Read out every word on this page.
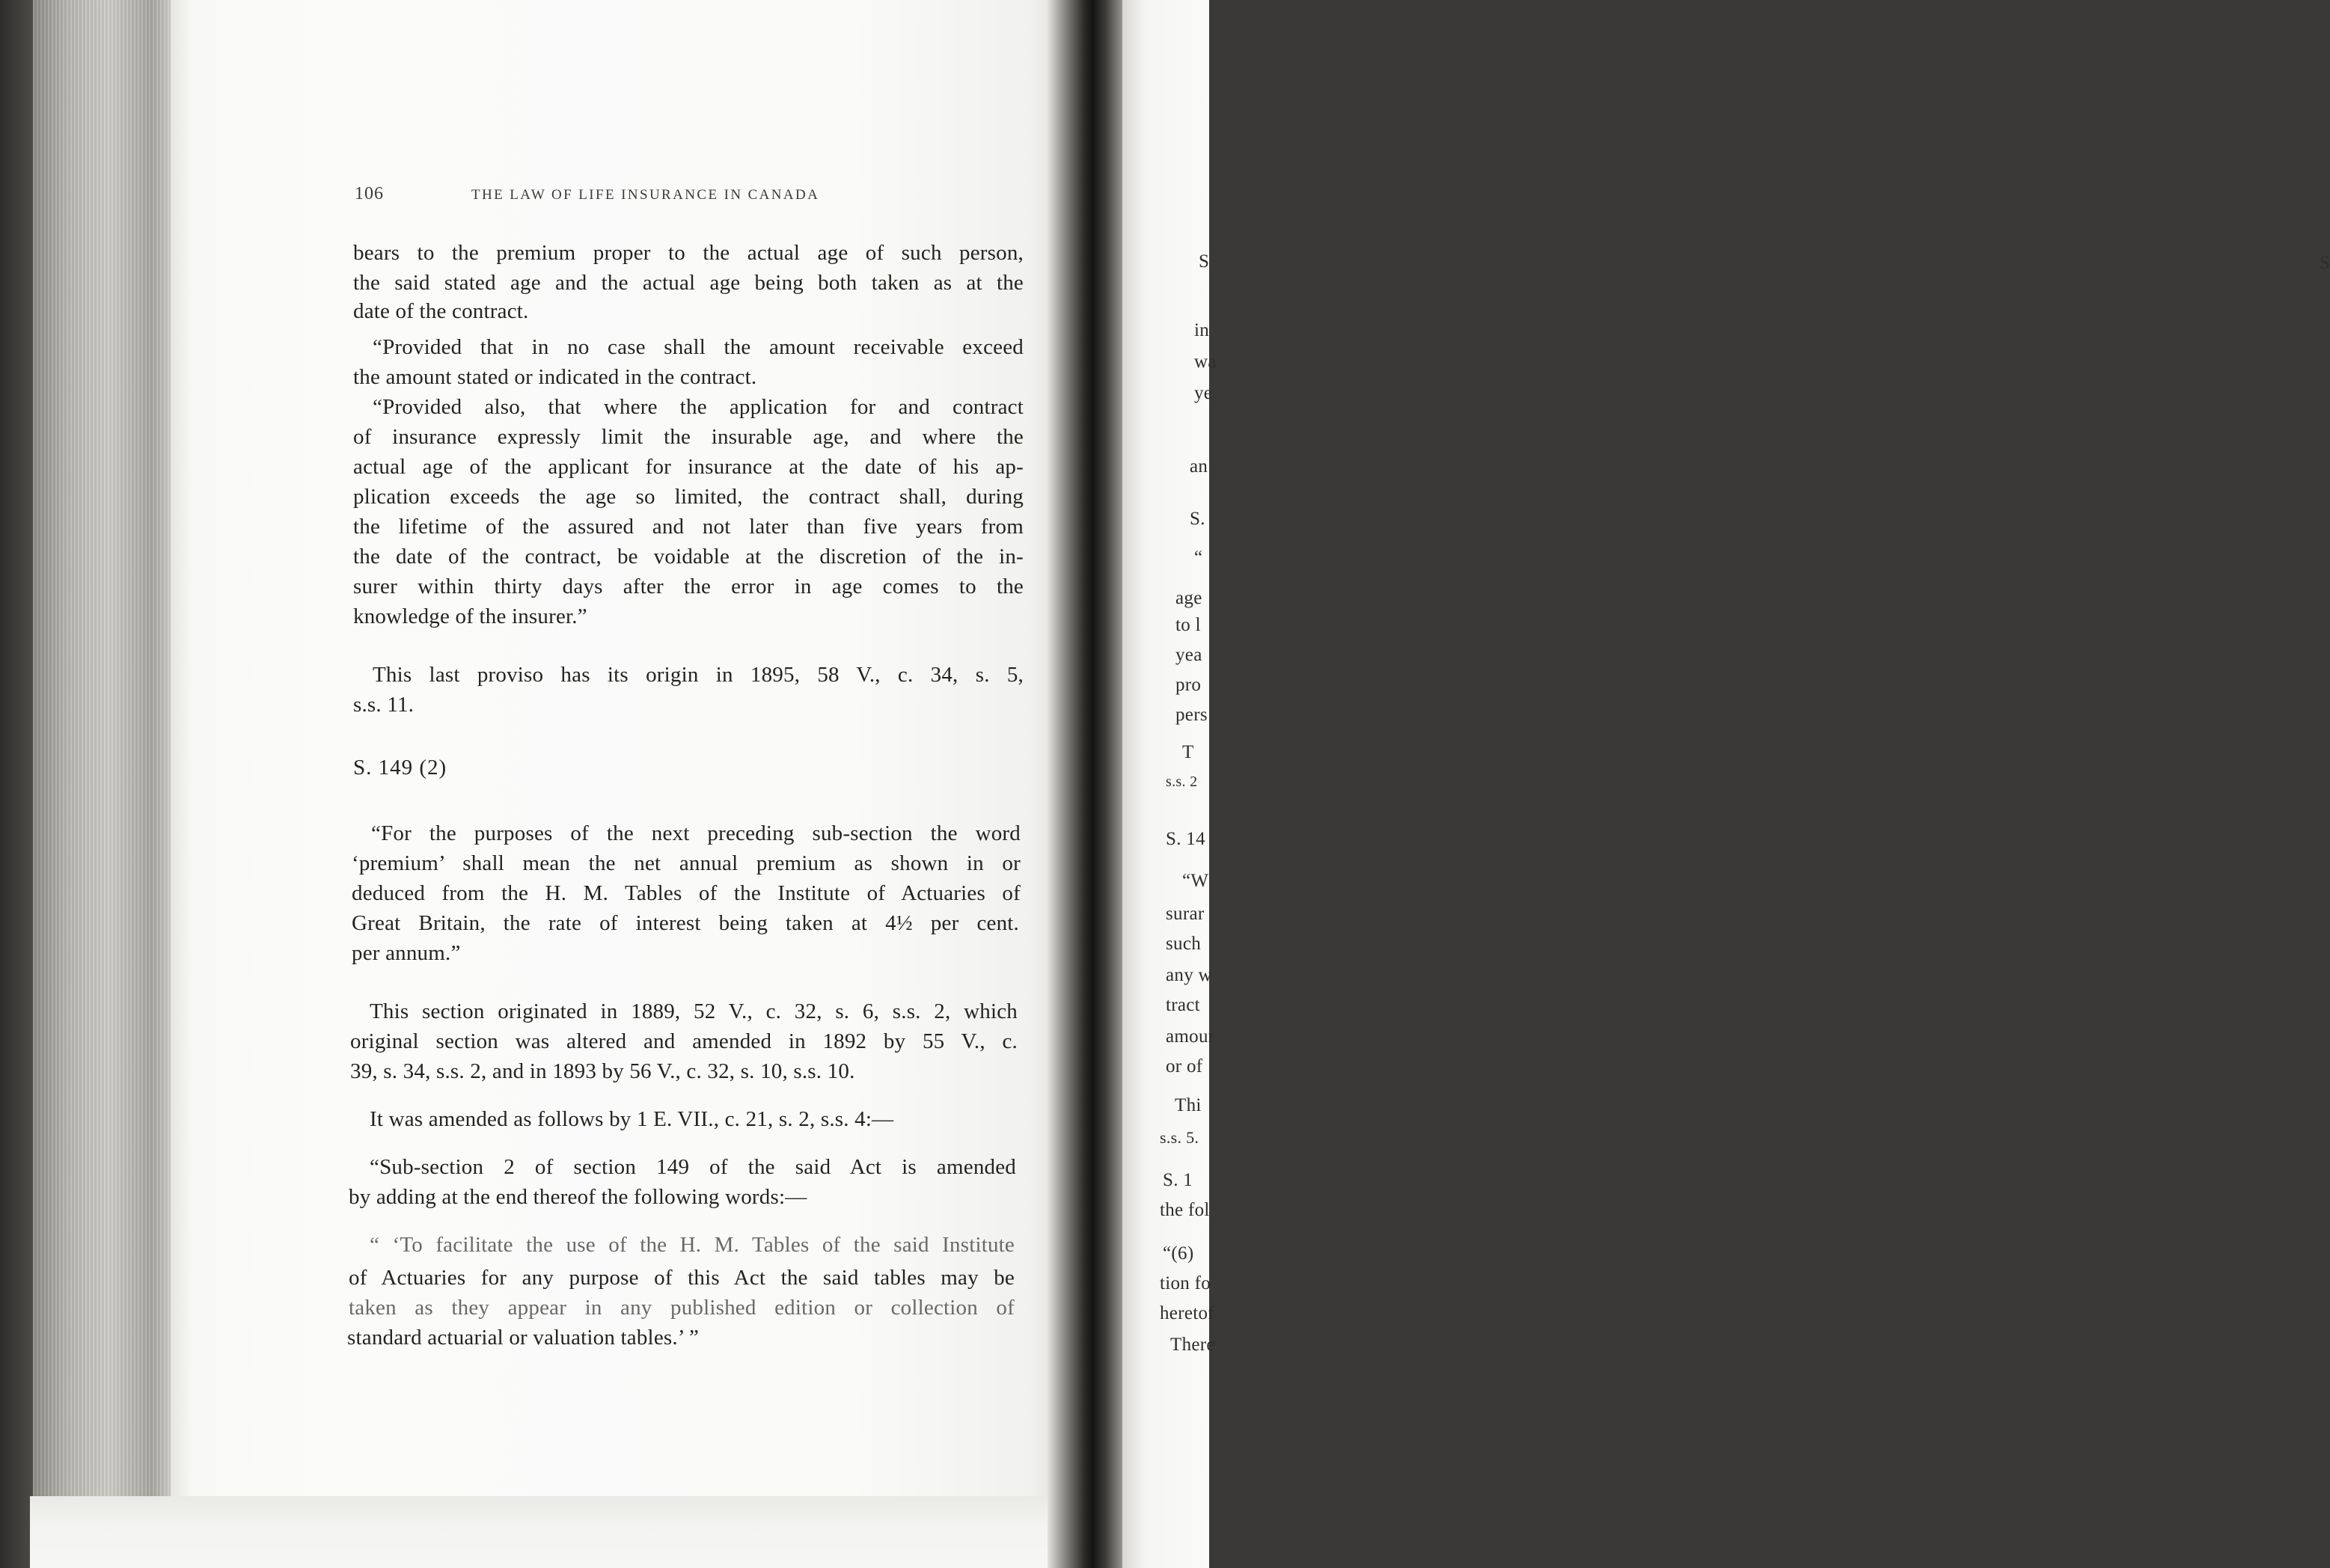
S
S
in
wa
ye
an
S.
“
age
to l
yea
pro
pers
T
s.s. 2
S. 14
“W
surar
such
any w
tract
amour
or of
Thi
s.s. 5.
S. 1
the fol
“(6)
tion fo
heretof
There
106	THE LAW OF LIFE INSURANCE IN CANADA
bears to the premium proper to the actual age of such person,
the said stated age and the actual age being both taken as at the
date of the contract.
“Provided that in no case shall the amount receivable exceed
the amount stated or indicated in the contract.
“Provided also, that where the application for and contract
of insurance expressly limit the insurable age, and where the
actual age of the applicant for insurance at the date of his ap-
plication exceeds the age so limited, the contract shall, during
the lifetime of the assured and not later than five years from
the date of the contract, be voidable at the discretion of the in-
surer within thirty days after the error in age comes to the
knowledge of the insurer.”
This last proviso has its origin in 1895, 58 V., c. 34, s. 5,
s.s. 11.
S. 149 (2)
“For the purposes of the next preceding sub-section the word
‘premium’ shall mean the net annual premium as shown in or
deduced from the H. M. Tables of the Institute of Actuaries of
Great Britain, the rate of interest being taken at 4½ per cent.
per annum.”
This section originated in 1889, 52 V., c. 32, s. 6, s.s. 2, which
original section was altered and amended in 1892 by 55 V., c.
39, s. 34, s.s. 2, and in 1893 by 56 V., c. 32, s. 10, s.s. 10.
It was amended as follows by 1 E. VII., c. 21, s. 2, s.s. 4:—
“Sub-section 2 of section 149 of the said Act is amended
by adding at the end thereof the following words:—
“ ‘To facilitate the use of the H. M. Tables of the said Institute
of Actuaries for any purpose of this Act the said tables may be
taken as they appear in any published edition or collection of
standard actuarial or valuation tables.’ ”
